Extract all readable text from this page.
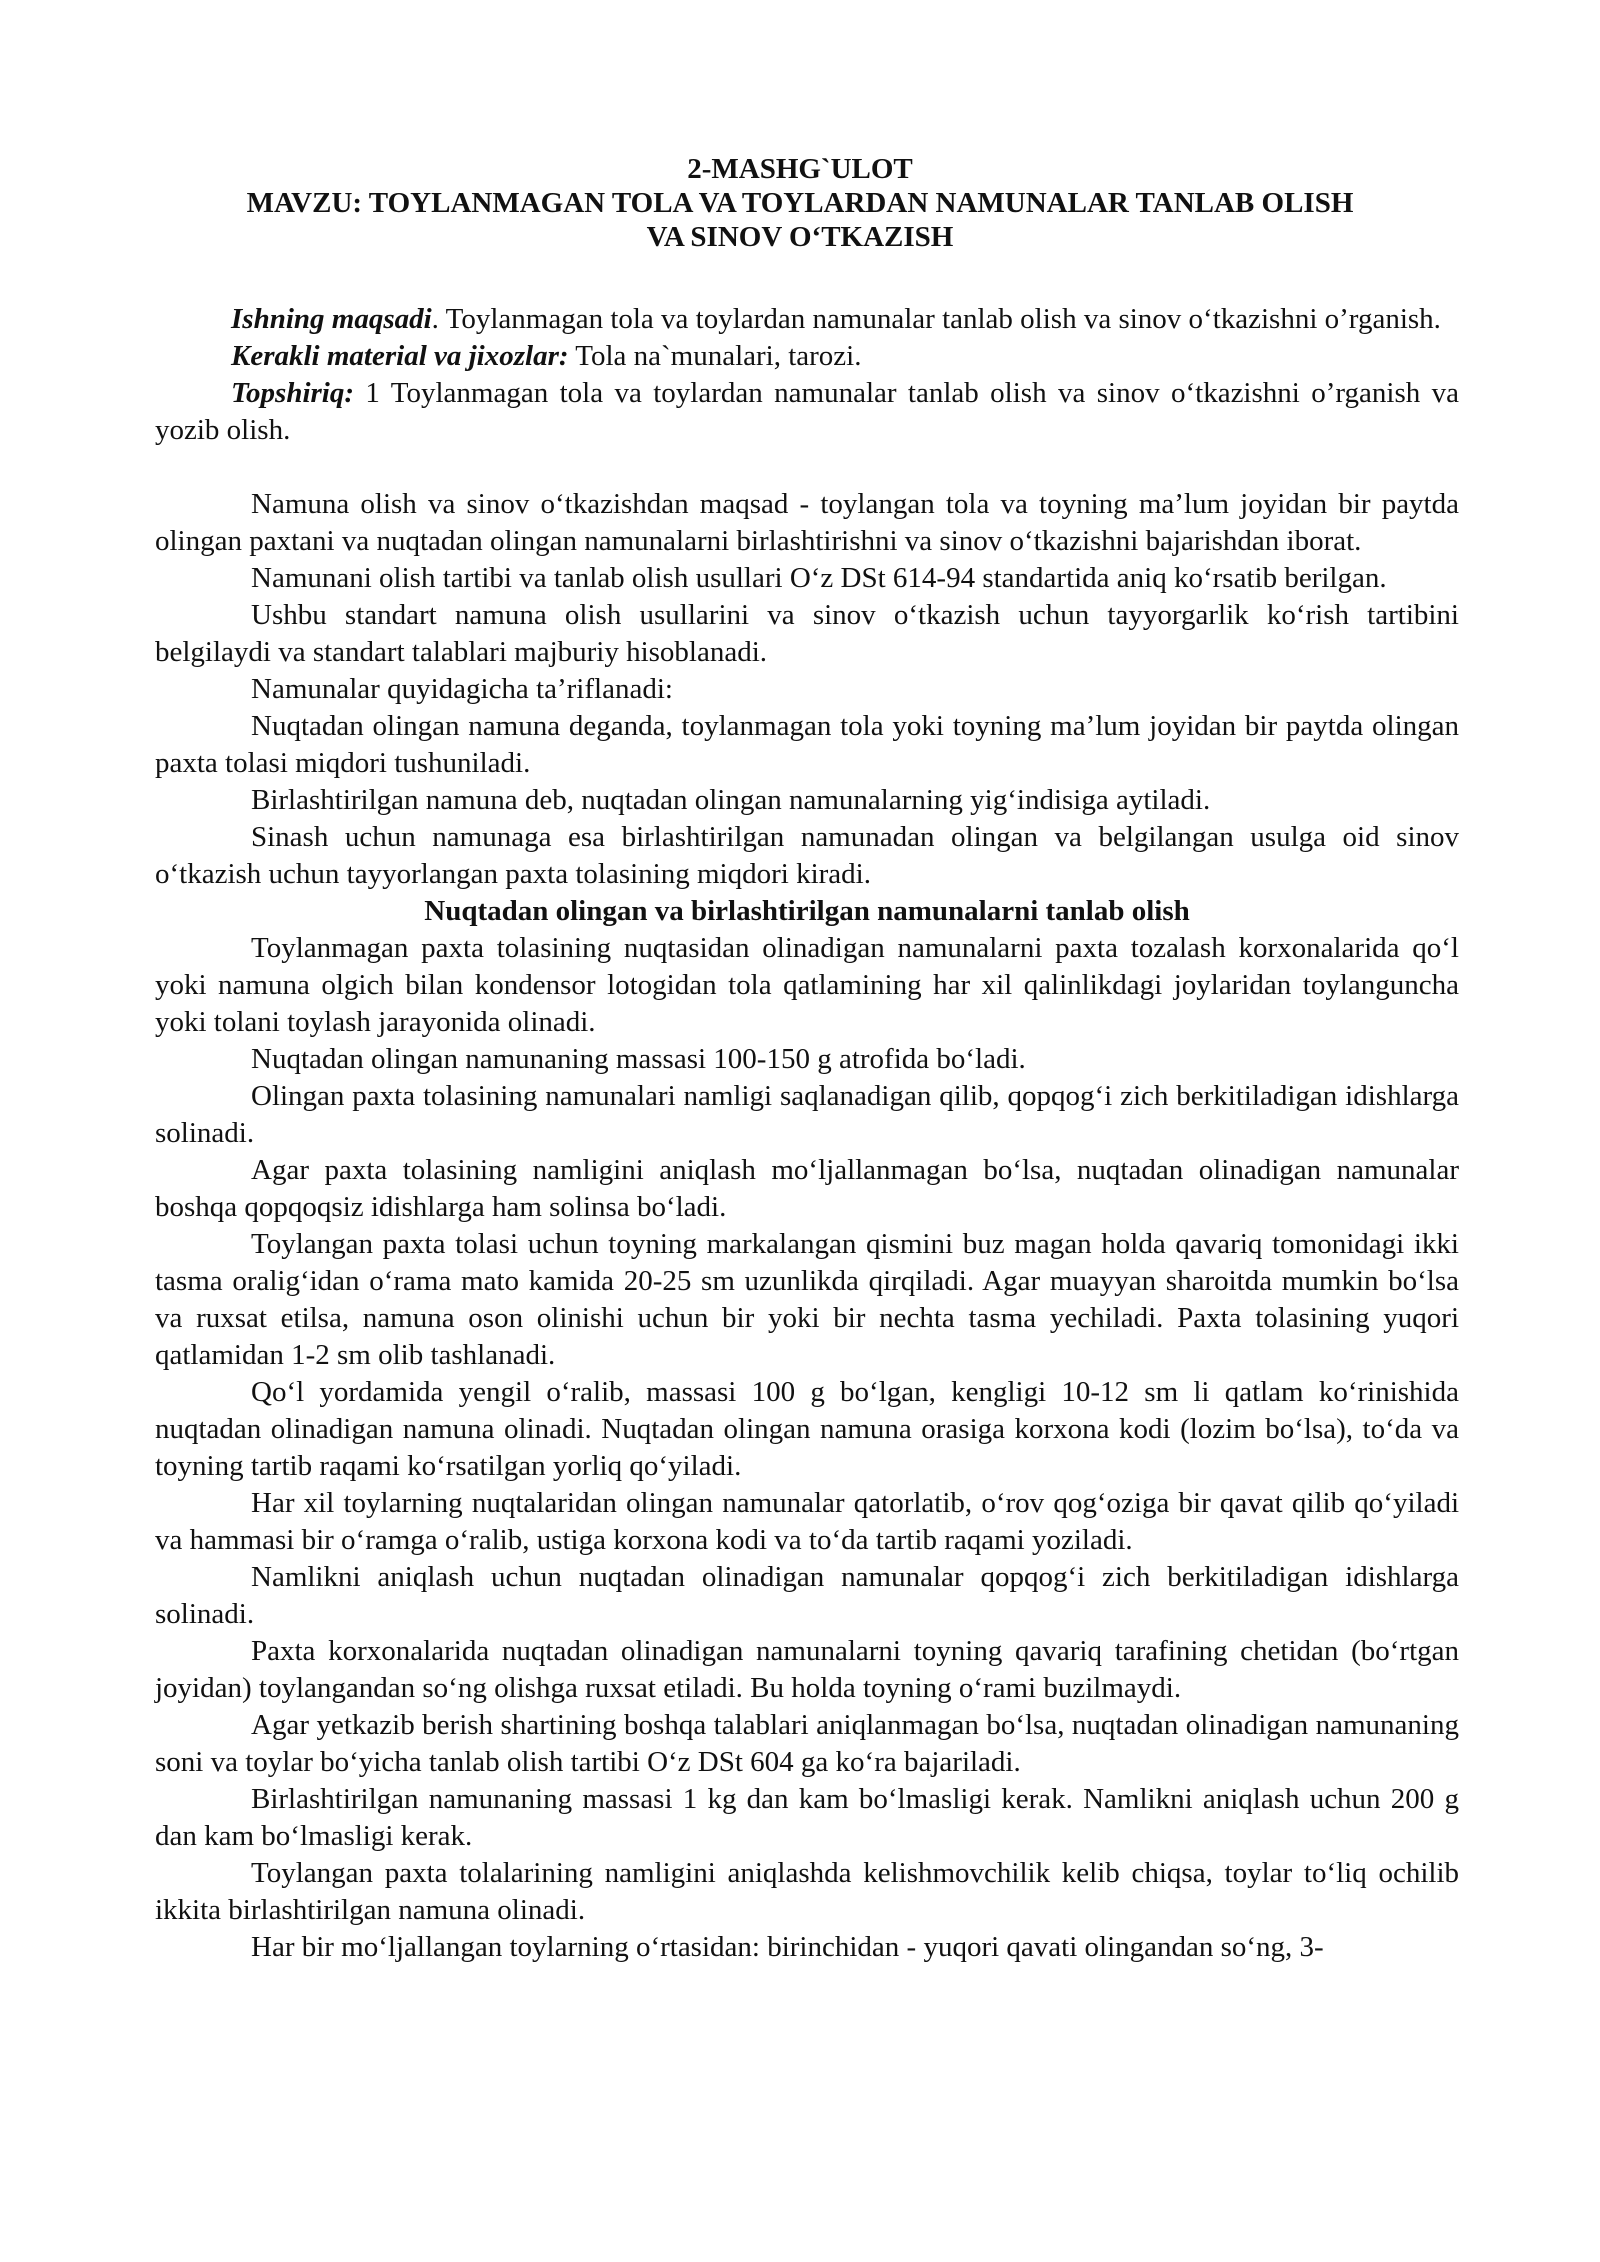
2-MASHG`ULOT
MAVZU: TOYLANMAGAN TOLA VA TOYLARDAN NAMUNALAR TANLAB OLISH
VA SINOV O‘TKAZISH

Ishning maqsadi. Toylanmagan tola va toylardan namunalar tanlab olish va sinov o‘tkazishni o’rganish.

Kerakli material va jixozlar: Tola na`munalari, tarozi.

Topshiriq: 1 Toylanmagan tola va toylardan namunalar tanlab olish va sinov o‘tkazishni o’rganish va yozib olish.

Namuna olish va sinov o‘tkazishdan maqsad - toylangan tola va toyning ma’lum joyidan bir paytda olingan paxtani va nuqtadan olingan namunalarni birlashtirishni va sinov o‘tkazishni bajarishdan iborat.

Namunani olish tartibi va tanlab olish usullari O‘z DSt 614-94 standartida aniq ko‘rsatib berilgan.

Ushbu standart namuna olish usullarini va sinov o‘tkazish uchun tayyorgarlik ko‘rish tartibini belgilaydi va standart talablari majburiy hisoblanadi.

Namunalar quyidagicha ta’riflanadi:

Nuqtadan olingan namuna deganda, toylanmagan tola yoki toyning ma’lum joyidan bir paytda olingan paxta tolasi miqdori tushuniladi.

Birlashtirilgan namuna deb, nuqtadan olingan namunalarning yig‘indisiga aytiladi.

Sinash uchun namunaga esa birlashtirilgan namunadan olingan va belgilangan usulga oid sinov o‘tkazish uchun tayyorlangan paxta tolasining miqdori kiradi.

Nuqtadan olingan va birlashtirilgan namunalarni tanlab olish

Toylanmagan paxta tolasining nuqtasidan olinadigan namunalarni paxta tozalash korxonalarida qo‘l yoki namuna olgich bilan kondensor lotogidan tola qatlamining har xil qalinlikdagi joylaridan toylanguncha yoki tolani toylash jarayonida olinadi.

Nuqtadan olingan namunaning massasi 100-150 g atrofida bo‘ladi.

Olingan paxta tolasining namunalari namligi saqlanadigan qilib, qopqog‘i zich berkitiladigan idishlarga solinadi.

Agar paxta tolasining namligini aniqlash mo‘ljallanmagan bo‘lsa, nuqtadan olinadigan namunalar boshqa qopqoqsiz idishlarga ham solinsa bo‘ladi.

Toylangan paxta tolasi uchun toyning markalangan qismini buz magan holda qavariq tomonidagi ikki tasma oralig‘idan o‘rama mato kamida 20-25 sm uzunlikda qirqiladi. Agar muayyan sharoitda mumkin bo‘lsa va ruxsat etilsa, namuna oson olinishi uchun bir yoki bir nechta tasma yechiladi. Paxta tolasining yuqori qatlamidan 1-2 sm olib tashlanadi.

Qo‘l yordamida yengil o‘ralib, massasi 100 g bo‘lgan, kengligi 10-12 sm li qatlam ko‘rinishida nuqtadan olinadigan namuna olinadi. Nuqtadan olingan namuna orasiga korxona kodi (lozim bo‘lsa), to‘da va toyning tartib raqami ko‘rsatilgan yorliq qo‘yiladi.

Har xil toylarning nuqtalaridan olingan namunalar qatorlatib, o‘rov qog‘oziga bir qavat qilib qo‘yiladi va hammasi bir o‘ramga o‘ralib, ustiga korxona kodi va to‘da tartib raqami yoziladi.

Namlikni aniqlash uchun nuqtadan olinadigan namunalar qopqog‘i zich berkitiladigan idishlarga solinadi.

Paxta korxonalarida nuqtadan olinadigan namunalarni toyning qavariq tarafining chetidan (bo‘rtgan joyidan) toylangandan so‘ng olishga ruxsat etiladi. Bu holda toyning o‘rami buzilmaydi.

Agar yetkazib berish shartining boshqa talablari aniqlanmagan bo‘lsa, nuqtadan olinadigan namunaning soni va toylar bo‘yicha tanlab olish tartibi O‘z DSt 604 ga ko‘ra bajariladi.

Birlashtirilgan namunaning massasi 1 kg dan kam bo‘lmasligi kerak. Namlikni aniqlash uchun 200 g dan kam bo‘lmasligi kerak.

Toylangan paxta tolalarining namligini aniqlashda kelishmovchilik kelib chiqsa, toylar to‘liq ochilib ikkita birlashtirilgan namuna olinadi.

Har bir mo‘ljallangan toylarning o‘rtasidan: birinchidan - yuqori qavati olingandan so‘ng, 3-
